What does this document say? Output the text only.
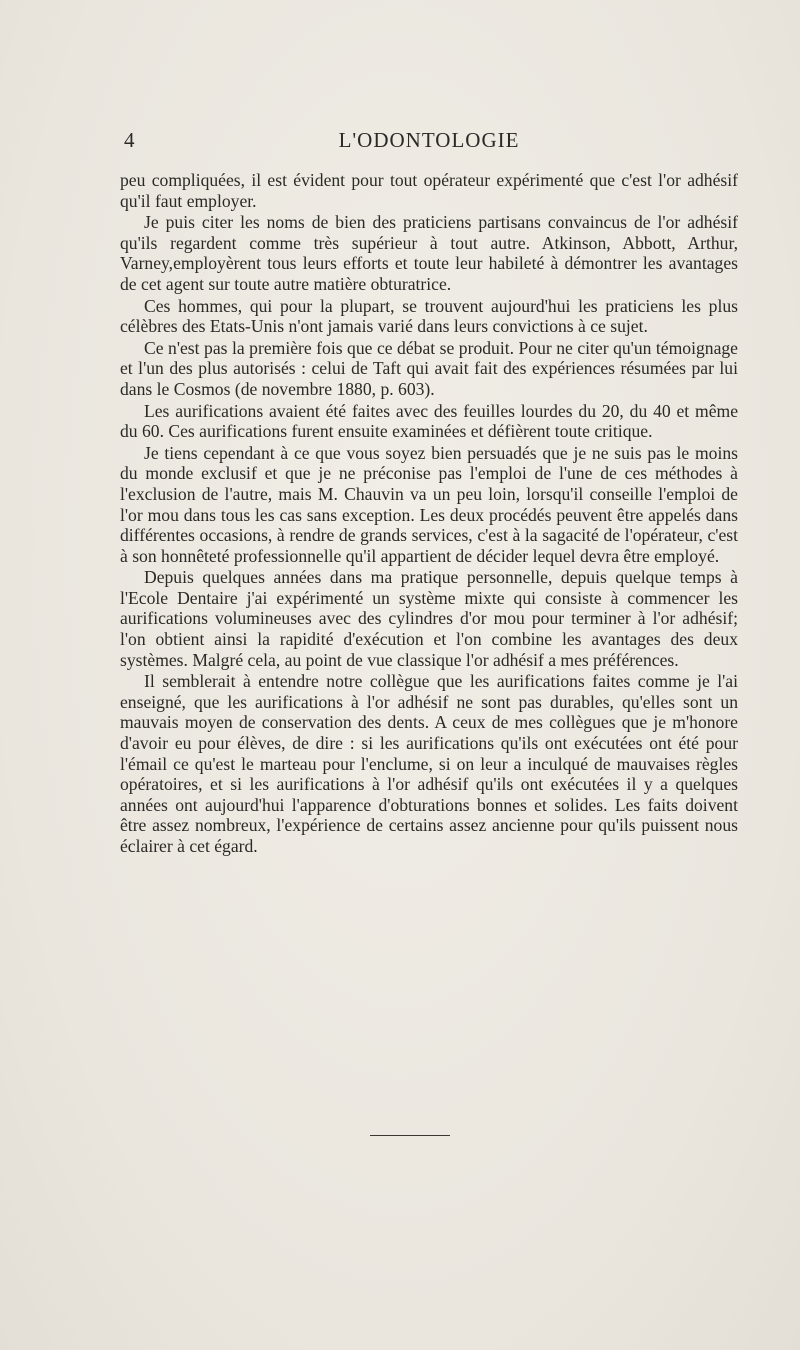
4	L'ODONTOLOGIE

peu compliquées, il est évident pour tout opérateur expérimenté que c'est l'or adhésif qu'il faut employer.

Je puis citer les noms de bien des praticiens partisans convaincus de l'or adhésif qu'ils regardent comme très supérieur à tout autre. Atkinson, Abbott, Arthur, Varney,employèrent tous leurs efforts et toute leur habileté à démontrer les avantages de cet agent sur toute autre matière obturatrice.

Ces hommes, qui pour la plupart, se trouvent aujourd'hui les praticiens les plus célèbres des Etats-Unis n'ont jamais varié dans leurs convictions à ce sujet.

Ce n'est pas la première fois que ce débat se produit. Pour ne citer qu'un témoignage et l'un des plus autorisés : celui de Taft qui avait fait des expériences résumées par lui dans le Cosmos (de novembre 1880, p. 603).

Les aurifications avaient été faites avec des feuilles lourdes du 20, du 40 et même du 60. Ces aurifications furent ensuite examinées et défièrent toute critique.

Je tiens cependant à ce que vous soyez bien persuadés que je ne suis pas le moins du monde exclusif et que je ne préconise pas l'emploi de l'une de ces méthodes à l'exclusion de l'autre, mais M. Chauvin va un peu loin, lorsqu'il conseille l'emploi de l'or mou dans tous les cas sans exception. Les deux procédés peuvent être appelés dans différentes occasions, à rendre de grands services, c'est à la sagacité de l'opérateur, c'est à son honnêteté professionnelle qu'il appartient de décider lequel devra être employé.

Depuis quelques années dans ma pratique personnelle, depuis quelque temps à l'Ecole Dentaire j'ai expérimenté un système mixte qui consiste à commencer les aurifications volumineuses avec des cylindres d'or mou pour terminer à l'or adhésif; l'on obtient ainsi la rapidité d'exécution et l'on combine les avantages des deux systèmes. Malgré cela, au point de vue classique l'or adhésif a mes préférences.

Il semblerait à entendre notre collègue que les aurifications faites comme je l'ai enseigné, que les aurifications à l'or adhésif ne sont pas durables, qu'elles sont un mauvais moyen de conservation des dents. A ceux de mes collègues que je m'honore d'avoir eu pour élèves, de dire : si les aurifications qu'ils ont exécutées ont été pour l'émail ce qu'est le marteau pour l'enclume, si on leur a inculqué de mauvaises règles opératoires, et si les aurifications à l'or adhésif qu'ils ont exécutées il y a quelques années ont aujourd'hui l'apparence d'obturations bonnes et solides. Les faits doivent être assez nombreux, l'expérience de certains assez ancienne pour qu'ils puissent nous éclairer à cet égard.
